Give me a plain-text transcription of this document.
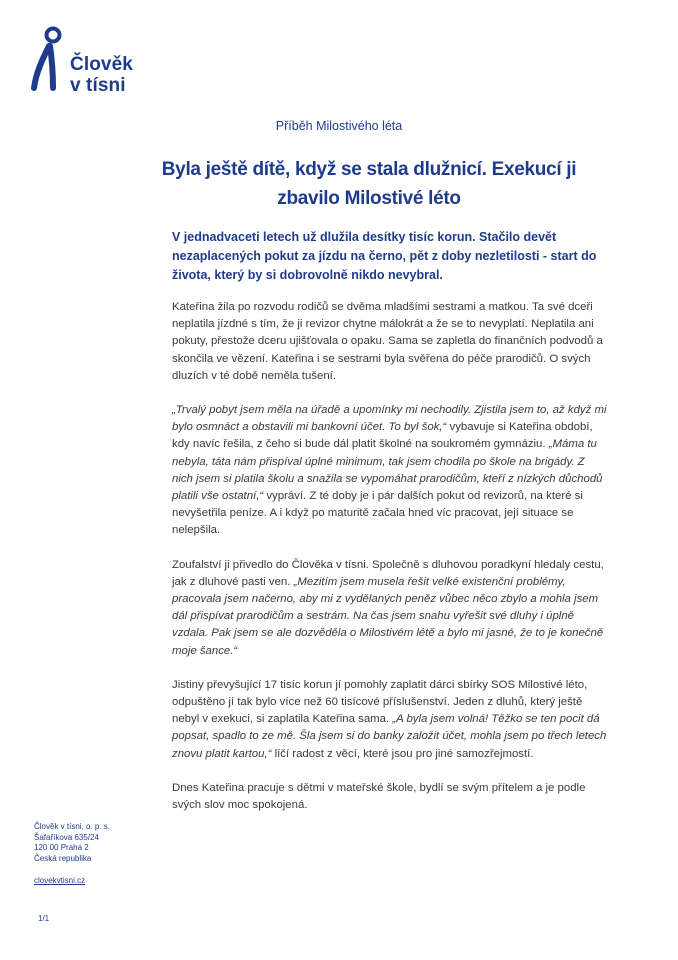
Člověk
v tísni
Příběh Milostivého léta
Byla ještě dítě, když se stala dlužnicí. Exekucí ji zbavilo Milostivé léto

V jednadvaceti letech už dlužila desítky tisíc korun. Stačilo devět nezaplacených pokut za jízdu na černo, pět z doby nezletilosti - start do života, který by si dobrovolně nikdo nevybral.

Kateřina žila po rozvodu rodičů se dvěma mladšími sestrami a matkou. Ta své dceři neplatila jízdné s tím, že ji revizor chytne málokrát a že se to nevyplatí. Neplatila ani pokuty, přestože dceru ujišťovala o opaku. Sama se zapletla do finančních podvodů a skončila ve vězení. Kateřina i se sestrami byla svěřena do péče prarodičů. O svých dluzích v té době neměla tušení.

„Trvalý pobyt jsem měla na úřadě a upomínky mi nechodily. Zjistila jsem to, až když mi bylo osmnáct a obstavili mi bankovní účet. To byl šok,“ vybavuje si Kateřina období, kdy navíc řešila, z čeho si bude dál platit školné na soukromém gymnáziu. „Máma tu nebyla, táta nám přispíval úplné minimum, tak jsem chodila po škole na brigády. Z nich jsem si platila školu a snažila se vypomáhat prarodičům, kteří z nízkých důchodů platili vše ostatní,“ vypráví. Z té doby je i pár dalších pokut od revizorů, na které si nevyšetřila peníze. A i když po maturitě začala hned víc pracovat, její situace se nelepšila.

Zoufalství ji přivedlo do Člověka v tísni. Společně s dluhovou poradkyní hledaly cestu, jak z dluhové pasti ven. „Mezitím jsem musela řešit velké existenční problémy, pracovala jsem načerno, aby mi z vydělaných peněz vůbec něco zbylo a mohla jsem dál přispívat prarodičům a sestrám. Na čas jsem snahu vyřešit své dluhy i úplně vzdala. Pak jsem se ale dozvěděla o Milostivém létě a bylo mi jasné, že to je konečně moje šance.“

Jistiny převyšující 17 tisíc korun jí pomohly zaplatit dárci sbírky SOS Milostivé léto, odpuštěno jí tak bylo více než 60 tisícové příslušenství. Jeden z dluhů, který ještě nebyl v exekuci, si zaplatila Kateřina sama. „A byla jsem volná! Těžko se ten pocit dá popsat, spadlo to ze mě. Šla jsem si do banky založit účet, mohla jsem po třech letech znovu platit kartou,“ líčí radost z věcí, které jsou pro jiné samozřejmostí.

Dnes Kateřina pracuje s dětmi v mateřské škole, bydlí se svým přítelem a je podle svých slov moc spokojená.

Člověk v tísni, o. p. s.
Šafaříkova 635/24
120 00 Praha 2
Česká republika
clovekvtisni.cz
1/1
